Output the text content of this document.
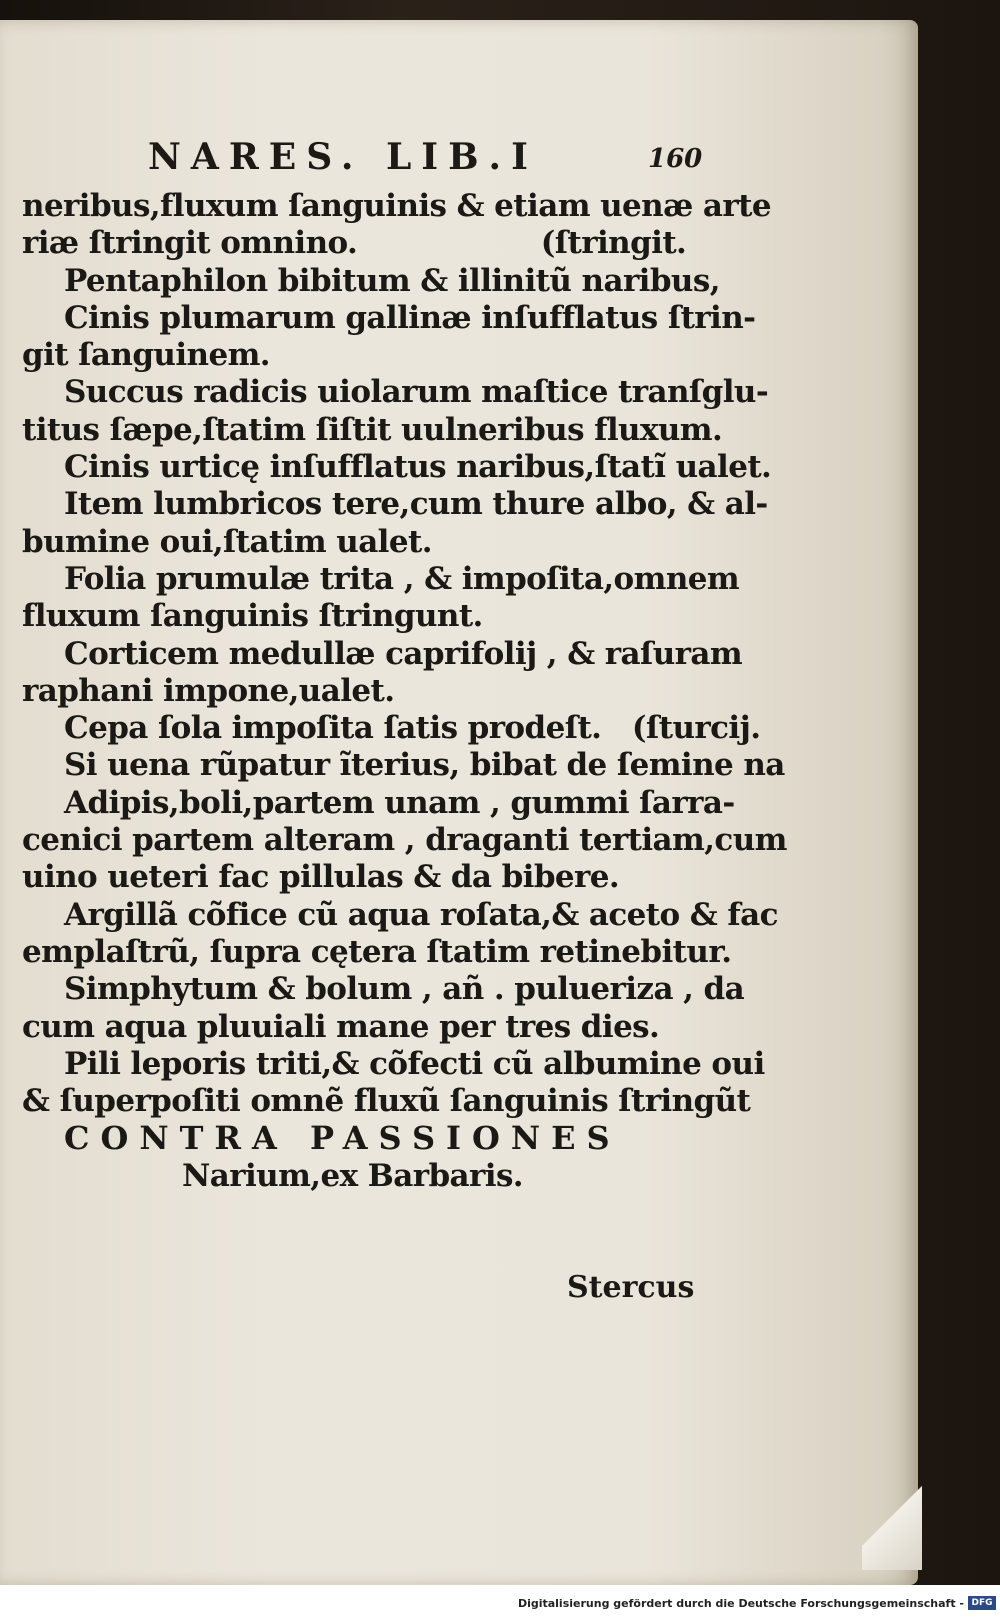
NARES. LIB.I	160
neribus,fluxum ſanguinis & etiam uenæ arte
riæ ſtringit omnino.                  (ſtringit.
Pentaphilon bibitum & illinitũ naribus,
Cinis plumarum gallinæ inſufflatus ſtrin-
git ſanguinem.
Succus radicis uiolarum maſtice tranſglu-
titus ſæpe,ſtatim ſiſtit uulneribus fluxum.
Cinis urticę inſufflatus naribus,ſtatĩ ualet.
Item lumbricos tere,cum thure albo, & al-
bumine oui,ſtatim ualet.
Folia prumulæ trita , & impoſita,omnem
fluxum ſanguinis ſtringunt.
Corticem medullæ caprifolij , & raſuram
raphani impone,ualet.
Cepa ſola impoſita ſatis prodeſt.   (ſturcij.
Si uena rũpatur ĩterius, bibat de ſemine na
Adipis,boli,partem unam , gummi ſarra-
cenici partem alteram , draganti tertiam,cum
uino ueteri fac pillulas & da bibere.
Argillã cõfice cũ aqua roſata,& aceto & fac
emplaſtrũ, ſupra cętera ſtatim retinebitur.
Simphytum & bolum , añ . pulueriza , da
cum aqua pluuiali mane per tres dies.
Pili leporis triti,& cõfecti cũ albumine oui
& ſuperpoſiti omnẽ fluxũ ſanguinis ſtringũt
CONTRA PASSIONES
Narium,ex Barbaris.
Stercus
Digitalisierung gefördert durch die Deutsche Forschungsgemeinschaft - DFG
